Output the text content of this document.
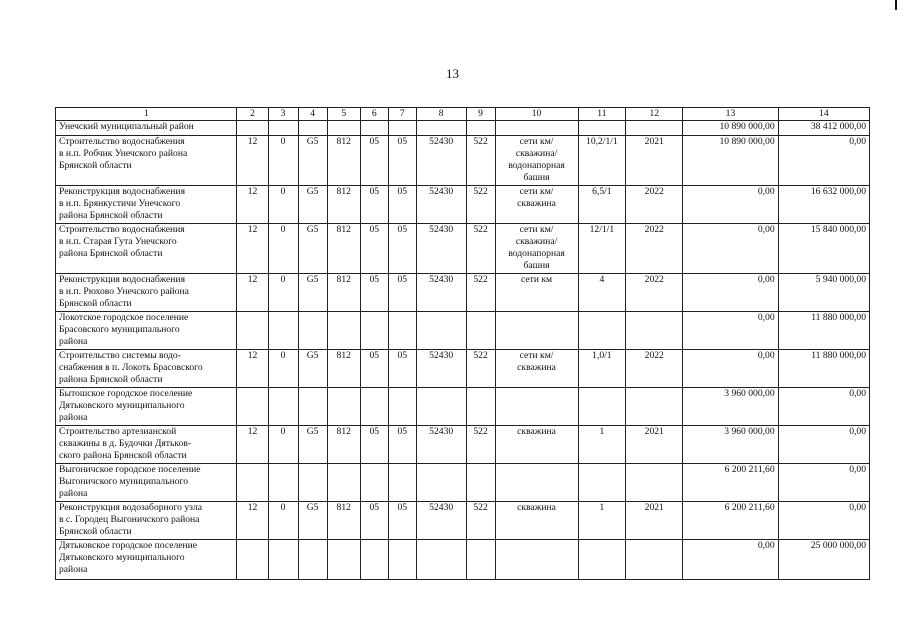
13
1	2	3	4	5	6	7	8	9	10	11	12	13	14
Унечский муниципальный район												10 890 000,00	38 412 000,00
Строительство водоснабжения
в н.п. Робчик Унечского района
Брянской области	12	0	G5	812	05	05	52430	522	сети км/
скважина/
водонапорная
башня	10,2/1/1	2021	10 890 000,00	0,00
Реконструкция водоснабжения
в н.п. Брянкустичи Унечского
района Брянской области	12	0	G5	812	05	05	52430	522	сети км/
скважина	6,5/1	2022	0,00	16 632 000,00
Строительство водоснабжения
в н.п. Старая Гута Унечского
района Брянской области	12	0	G5	812	05	05	52430	522	сети км/
скважина/
водонапорная
башня	12/1/1	2022	0,00	15 840 000,00
Реконструкция водоснабжения
в н.п. Рюхово Унечского района
Брянской области	12	0	G5	812	05	05	52430	522	сети км	4	2022	0,00	5 940 000,00
Локотское городское поселение
Брасовского муниципального
района												0,00	11 880 000,00
Строительство системы водо-
снабжения в п. Локоть Брасовского
района Брянской области	12	0	G5	812	05	05	52430	522	сети км/
скважина	1,0/1	2022	0,00	11 880 000,00
Бытошское городское поселение
Дятьковского муниципального
района												3 960 000,00	0,00
Строительство артезианской
скважины в д. Будочки Дятьков-
ского района Брянской области	12	0	G5	812	05	05	52430	522	скважина	1	2021	3 960 000,00	0,00
Выгоничское городское поселение
Выгоничского муниципального
района												6 200 211,60	0,00
Реконструкция водозаборного узла
в с. Городец Выгоничского района
Брянской области	12	0	G5	812	05	05	52430	522	скважина	1	2021	6 200 211,60	0,00
Дятьковское городское поселение
Дятьковского муниципального
района												0,00	25 000 000,00
